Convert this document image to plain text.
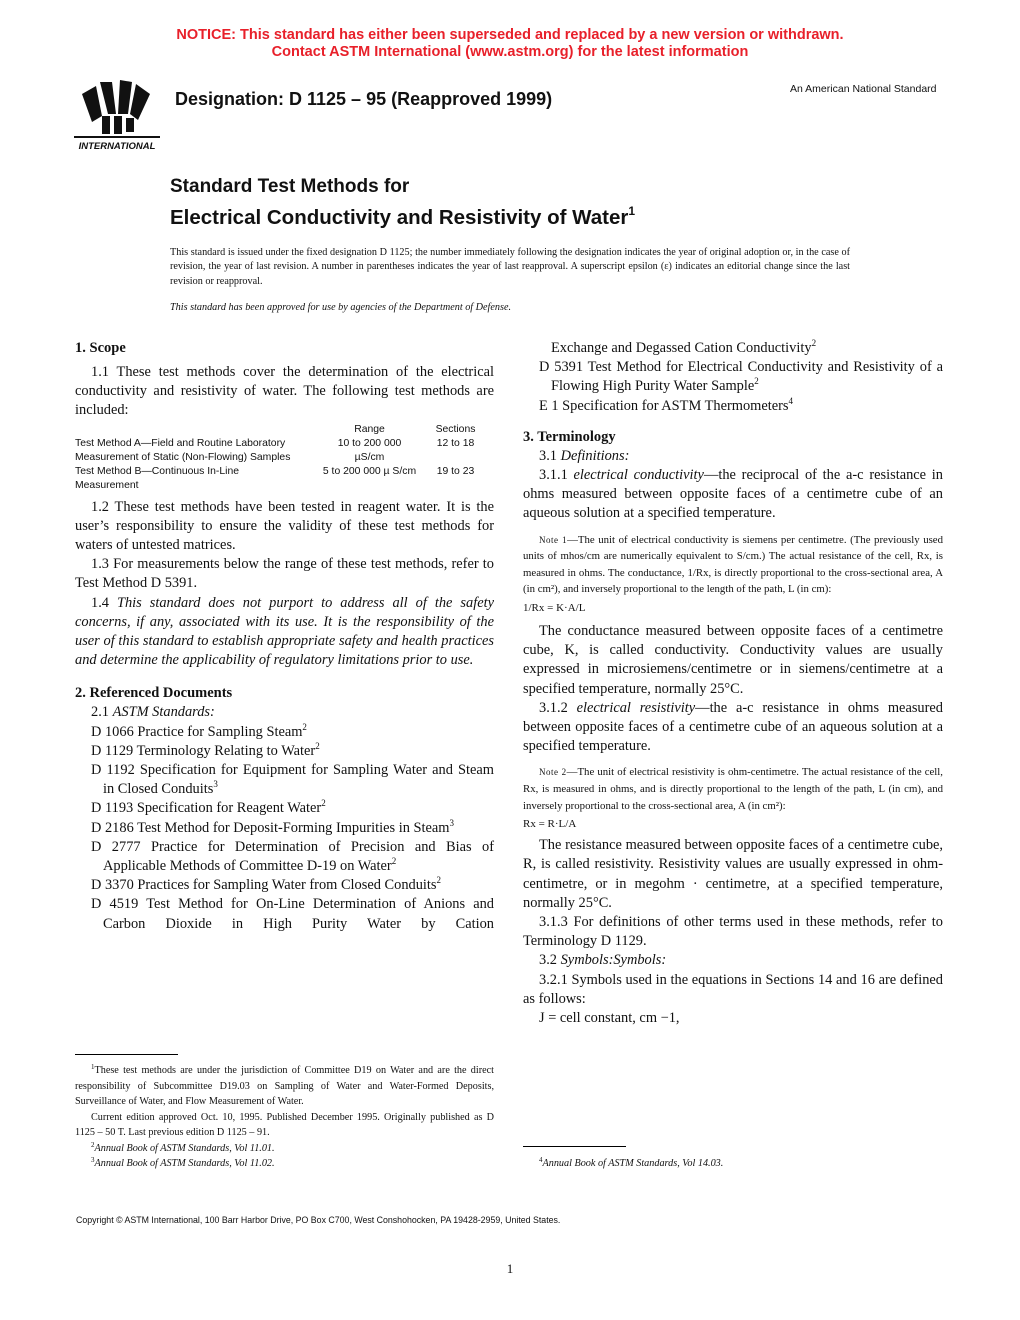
NOTICE: This standard has either been superseded and replaced by a new version or withdrawn.
Contact ASTM International (www.astm.org) for the latest information
INTERNATIONAL
Designation: D 1125 – 95 (Reapproved 1999)	An American National Standard
Standard Test Methods for
Electrical Conductivity and Resistivity of Water$^1$
This standard is issued under the fixed designation D 1125; the number immediately following the designation indicates the year of original adoption or, in the case of revision, the year of last revision. A number in parentheses indicates the year of last reapproval. A superscript epsilon (ε) indicates an editorial change since the last revision or reapproval.
This standard has been approved for use by agencies of the Department of Defense.
1. Scope

1.1 These test methods cover the determination of the electrical conductivity and resistivity of water. The following test methods are included:

	Range	Sections
Test Method A—Field and Routine Laboratory Measurement of Static (Non-Flowing) Samples	10 to 200 000 µS/cm	12 to 18
Test Method B—Continuous In-Line Measurement	5 to 200 000 µ S/cm	19 to 23

1.2 These test methods have been tested in reagent water. It is the user’s responsibility to ensure the validity of these test methods for waters of untested matrices.

1.3 For measurements below the range of these test methods, refer to Test Method D 5391.

1.4 This standard does not purport to address all of the safety concerns, if any, associated with its use. It is the responsibility of the user of this standard to establish appropriate safety and health practices and determine the applicability of regulatory limitations prior to use.

2. Referenced Documents

2.1 ASTM Standards:

D 1066 Practice for Sampling Steam$^2$

D 1129 Terminology Relating to Water$^2$

D 1192 Specification for Equipment for Sampling Water and Steam in Closed Conduits$^3$

D 1193 Specification for Reagent Water$^2$

D 2186 Test Method for Deposit-Forming Impurities in Steam$^3$

D 2777 Practice for Determination of Precision and Bias of Applicable Methods of Committee D-19 on Water$^2$

D 3370 Practices for Sampling Water from Closed Conduits$^2$

D 4519 Test Method for On-Line Determination of Anions and Carbon Dioxide in High Purity Water by Cation

$^1$These test methods are under the jurisdiction of Committee D19 on Water and are the direct responsibility of Subcommittee D19.03 on Sampling of Water and Water-Formed Deposits, Surveillance of Water, and Flow Measurement of Water.

Current edition approved Oct. 10, 1995. Published December 1995. Originally published as D 1125 – 50 T. Last previous edition D 1125 – 91.

$^2$Annual Book of ASTM Standards, Vol 11.01.

$^3$Annual Book of ASTM Standards, Vol 11.02.

Exchange and Degassed Cation Conductivity$^2$

D 5391 Test Method for Electrical Conductivity and Resistivity of a Flowing High Purity Water Sample$^2$

E 1 Specification for ASTM Thermometers$^4$

3. Terminology

3.1 Definitions:

3.1.1 electrical conductivity—the reciprocal of the a-c resistance in ohms measured between opposite faces of a centimetre cube of an aqueous solution at a specified temperature.

Note 1—The unit of electrical conductivity is siemens per centimetre. (The previously used units of mhos/cm are numerically equivalent to S/cm.) The actual resistance of the cell, Rx, is measured in ohms. The conductance, 1/Rx, is directly proportional to the cross-sectional area, A (in cm²), and inversely proportional to the length of the path, L (in cm):

1/Rx = K·A/L

The conductance measured between opposite faces of a centimetre cube, K, is called conductivity. Conductivity values are usually expressed in microsiemens/centimetre or in siemens/centimetre at a specified temperature, normally 25°C.

3.1.2 electrical resistivity—the a-c resistance in ohms measured between opposite faces of a centimetre cube of an aqueous solution at a specified temperature.

Note 2—The unit of electrical resistivity is ohm-centimetre. The actual resistance of the cell, Rx, is measured in ohms, and is directly proportional to the length of the path, L (in cm), and inversely proportional to the cross-sectional area, A (in cm²):

Rx = R·L/A

The resistance measured between opposite faces of a centimetre cube, R, is called resistivity. Resistivity values are usually expressed in ohm-centimetre, or in megohm · centimetre, at a specified temperature, normally 25°C.

3.1.3 For definitions of other terms used in these methods, refer to Terminology D 1129.

3.2 Symbols:Symbols:

3.2.1 Symbols used in the equations in Sections 14 and 16 are defined as follows:

J = cell constant, cm −1,

$^4$Annual Book of ASTM Standards, Vol 14.03.
Copyright © ASTM International, 100 Barr Harbor Drive, PO Box C700, West Conshohocken, PA 19428-2959, United States.
1
